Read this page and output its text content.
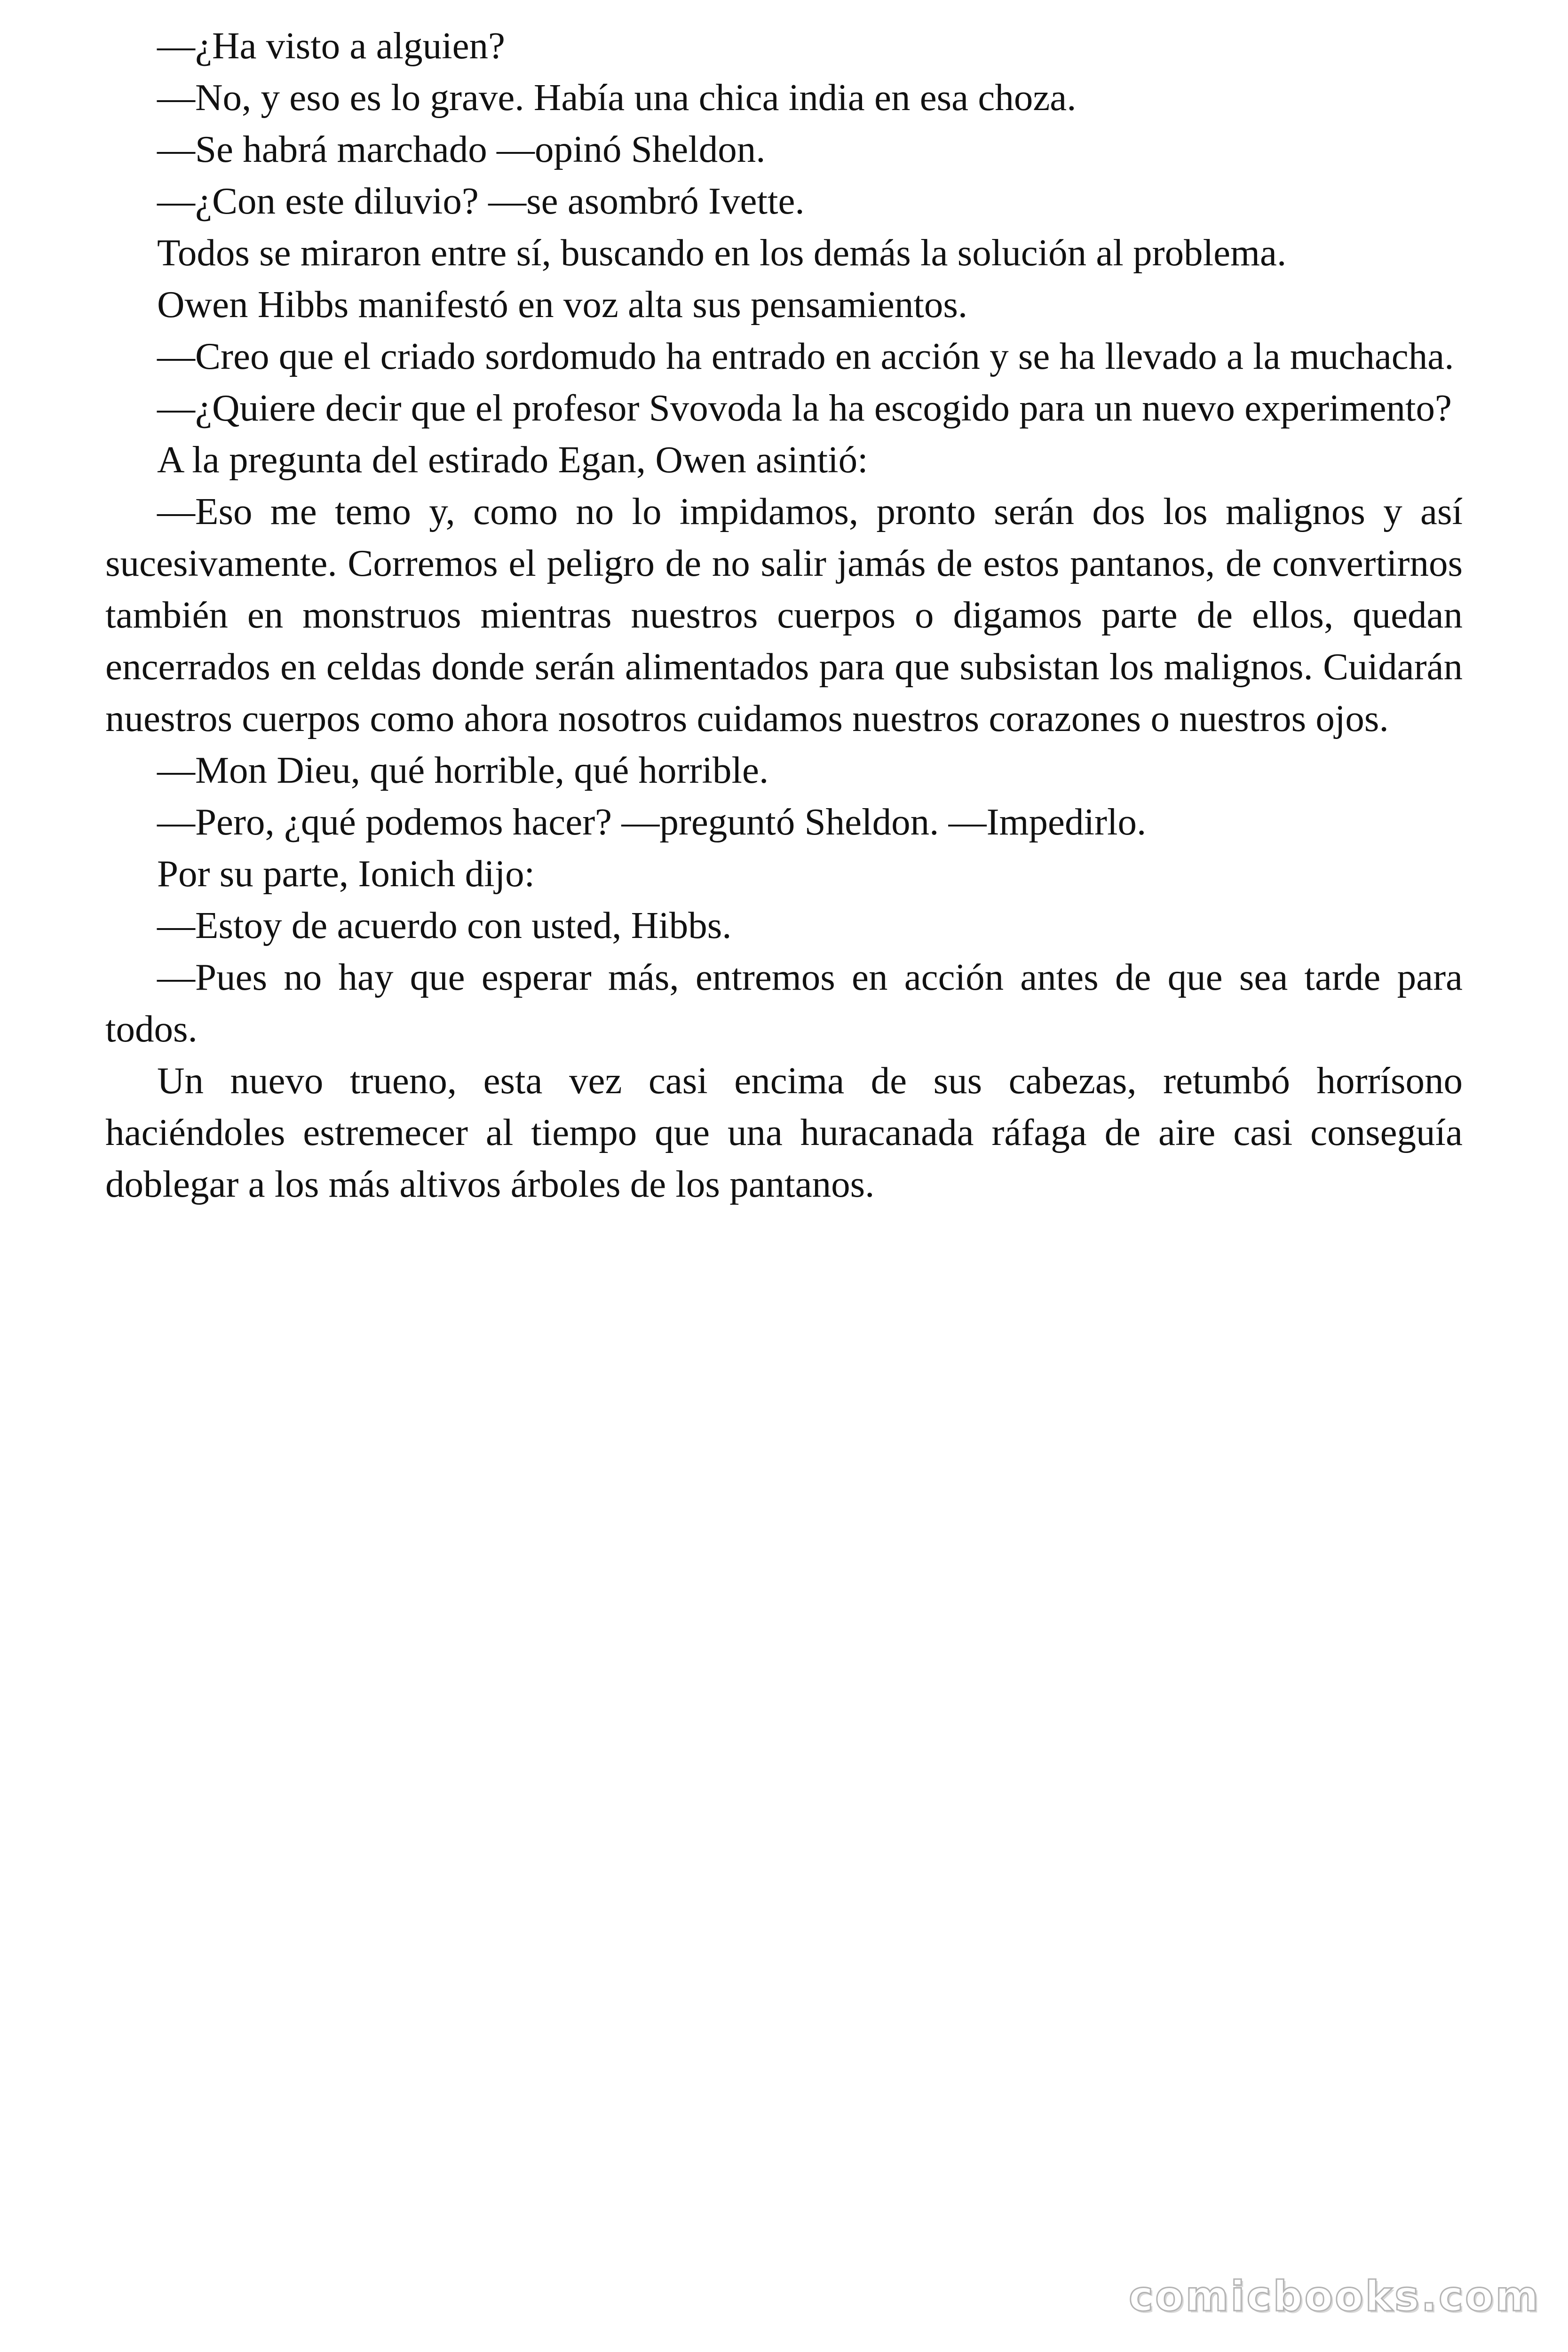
—¿Ha visto a alguien?

—No, y eso es lo grave. Había una chica india en esa choza.

—Se habrá marchado —opinó Sheldon.

—¿Con este diluvio? —se asombró Ivette.

Todos se miraron entre sí, buscando en los demás la solución al problema.

Owen Hibbs manifestó en voz alta sus pensamientos.

—Creo que el criado sordomudo ha entrado en acción y se ha llevado a la muchacha.

—¿Quiere decir que el profesor Svovoda la ha escogido para un nuevo experimento?

A la pregunta del estirado Egan, Owen asintió:

—Eso me temo y, como no lo impidamos, pronto serán dos los malignos y así sucesivamente. Corremos el peligro de no salir jamás de estos pantanos, de convertirnos también en monstruos mientras nuestros cuerpos o digamos parte de ellos, quedan encerrados en celdas donde serán alimentados para que subsistan los malignos. Cuidarán nuestros cuerpos como ahora nosotros cuidamos nuestros corazones o nuestros ojos.

—Mon Dieu, qué horrible, qué horrible.

—Pero, ¿qué podemos hacer? —preguntó Sheldon. —Impedirlo.

Por su parte, Ionich dijo:

—Estoy de acuerdo con usted, Hibbs.

—Pues no hay que esperar más, entremos en acción antes de que sea tarde para todos.

Un nuevo trueno, esta vez casi encima de sus cabezas, retumbó horrísono haciéndoles estremecer al tiempo que una huracanada ráfaga de aire casi conseguía doblegar a los más altivos árboles de los pantanos.

comicbooks.com
